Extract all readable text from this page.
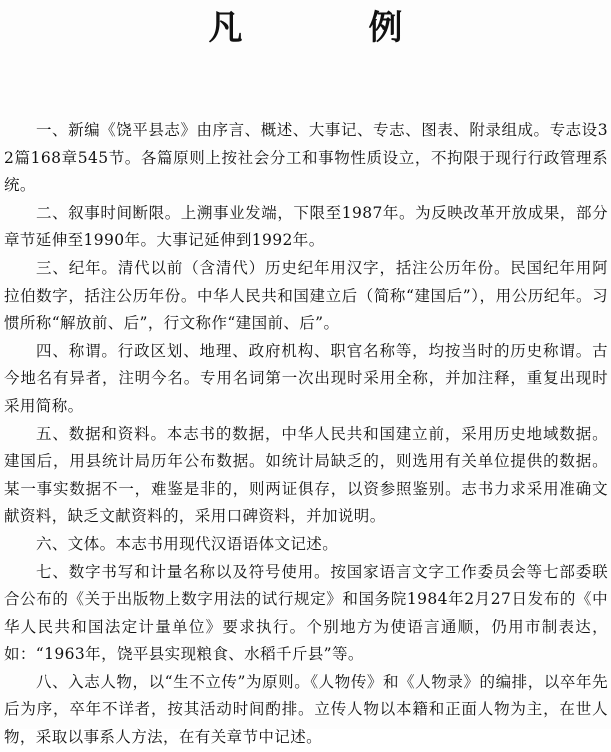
凡　例

一、新编《饶平县志》由序言、概述、大事记、专志、图表、附录组成。专志设32篇168章545节。各篇原则上按社会分工和事物性质设立，不拘限于现行行政管理系统。

二、叙事时间断限。上溯事业发端，下限至1987年。为反映改革开放成果，部分章节延伸至1990年。大事记延伸到1992年。

三、纪年。清代以前（含清代）历史纪年用汉字，括注公历年份。民国纪年用阿拉伯数字，括注公历年份。中华人民共和国建立后（简称“建国后”），用公历纪年。习惯所称“解放前、后”，行文称作“建国前、后”。

四、称谓。行政区划、地理、政府机构、职官名称等，均按当时的历史称谓。古今地名有异者，注明今名。专用名词第一次出现时采用全称，并加注释，重复出现时采用简称。

五、数据和资料。本志书的数据，中华人民共和国建立前，采用历史地域数据。建国后，用县统计局历年公布数据。如统计局缺乏的，则选用有关单位提供的数据。某一事实数据不一，难鉴是非的，则两证俱存，以资参照鉴别。志书力求采用准确文献资料，缺乏文献资料的，采用口碑资料，并加说明。

六、文体。本志书用现代汉语语体文记述。

七、数字书写和计量名称以及符号使用。按国家语言文字工作委员会等七部委联合公布的《关于出版物上数字用法的试行规定》和国务院1984年2月27日发布的《中华人民共和国法定计量单位》要求执行。个别地方为使语言通顺，仍用市制表达，如：“1963年，饶平县实现粮食、水稻千斤县”等。

八、入志人物，以“生不立传”为原则。《人物传》和《人物录》的编排，以卒年先后为序，卒年不详者，按其活动时间酌排。立传人物以本籍和正面人物为主，在世人物，采取以事系人方法，在有关章节中记述。
